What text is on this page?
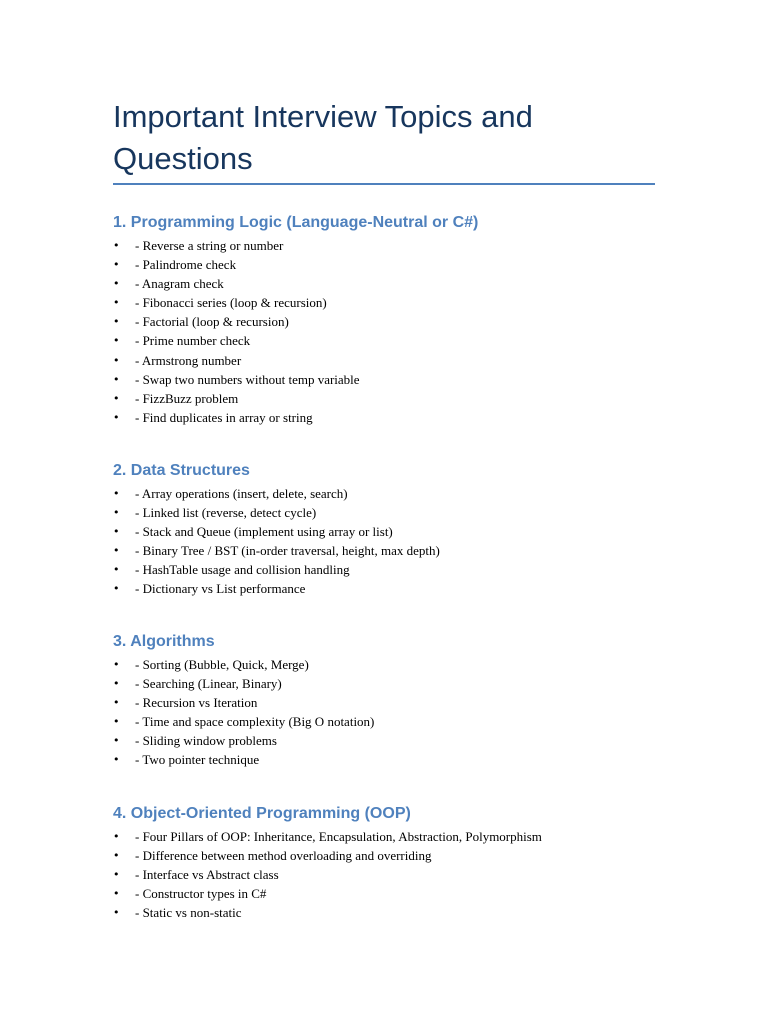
Important Interview Topics and Questions
1. Programming Logic (Language-Neutral or C#)
• - Reverse a string or number
• - Palindrome check
• - Anagram check
• - Fibonacci series (loop & recursion)
• - Factorial (loop & recursion)
• - Prime number check
• - Armstrong number
• - Swap two numbers without temp variable
• - FizzBuzz problem
• - Find duplicates in array or string
2. Data Structures
• - Array operations (insert, delete, search)
• - Linked list (reverse, detect cycle)
• - Stack and Queue (implement using array or list)
• - Binary Tree / BST (in-order traversal, height, max depth)
• - HashTable usage and collision handling
• - Dictionary vs List performance
3. Algorithms
• - Sorting (Bubble, Quick, Merge)
• - Searching (Linear, Binary)
• - Recursion vs Iteration
• - Time and space complexity (Big O notation)
• - Sliding window problems
• - Two pointer technique
4. Object-Oriented Programming (OOP)
• - Four Pillars of OOP: Inheritance, Encapsulation, Abstraction, Polymorphism
• - Difference between method overloading and overriding
• - Interface vs Abstract class
• - Constructor types in C#
• - Static vs non-static
